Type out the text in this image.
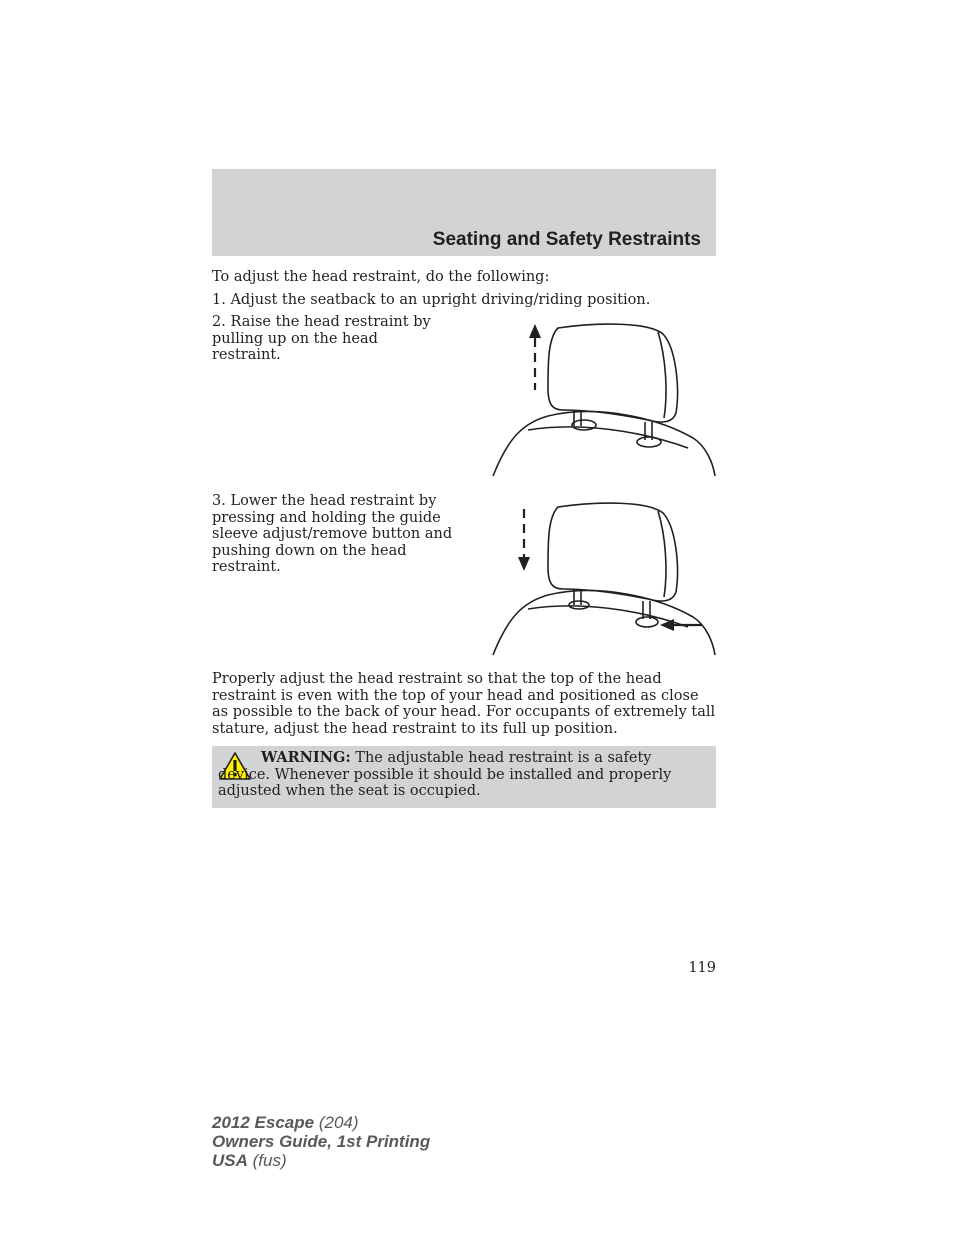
Seating and Safety Restraints

To adjust the head restraint, do the following:

1. Adjust the seatback to an upright driving/riding position.

2. Raise the head restraint by pulling up on the head restraint.

3. Lower the head restraint by pressing and holding the guide sleeve adjust/remove button and pushing down on the head restraint.

Properly adjust the head restraint so that the top of the head restraint is even with the top of your head and positioned as close as possible to the back of your head. For occupants of extremely tall stature, adjust the head restraint to its full up position.

WARNING: The adjustable head restraint is a safety device. Whenever possible it should be installed and properly adjusted when the seat is occupied.

119

2012 Escape (204)
Owners Guide, 1st Printing
USA (fus)
